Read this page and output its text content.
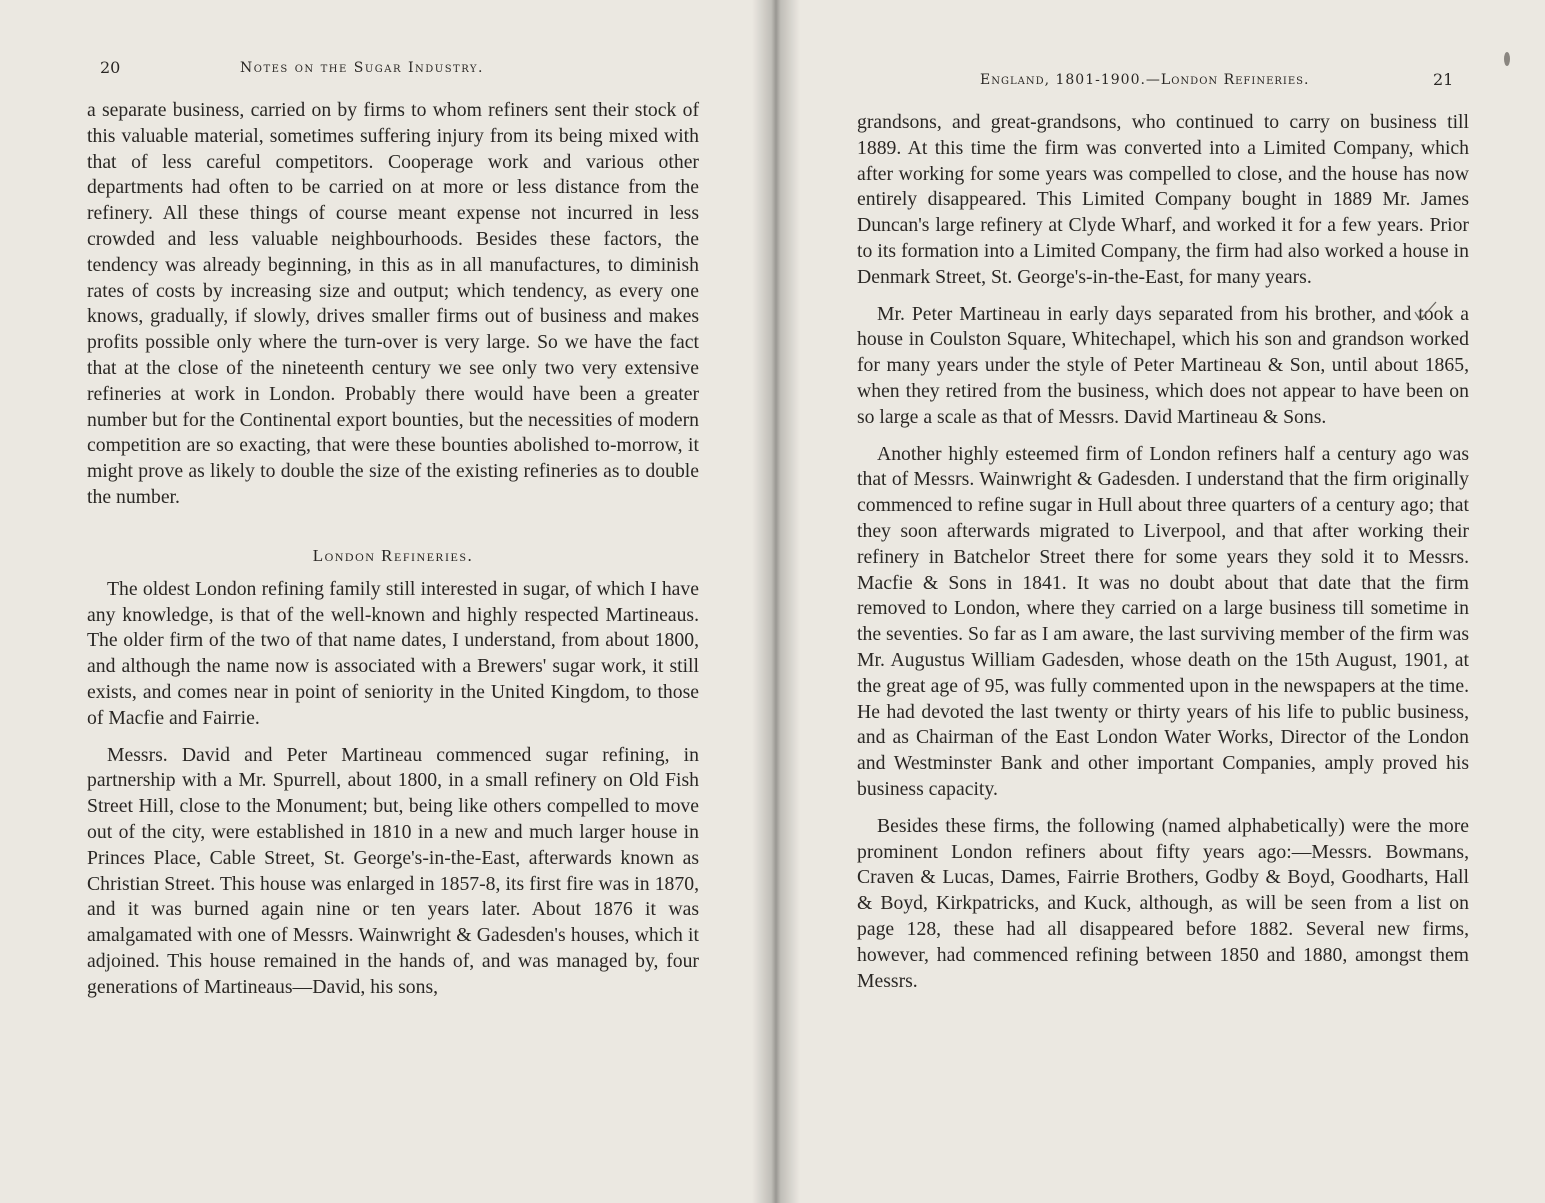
20	Notes on the Sugar Industry.

a separate business, carried on by firms to whom refiners sent their stock of this valuable material, sometimes suffering injury from its being mixed with that of less careful competitors. Cooperage work and various other departments had often to be carried on at more or less distance from the refinery. All these things of course meant expense not incurred in less crowded and less valuable neighbourhoods. Besides these factors, the tendency was already beginning, in this as in all manufactures, to diminish rates of costs by increasing size and output; which tendency, as every one knows, gradually, if slowly, drives smaller firms out of business and makes profits possible only where the turn-over is very large. So we have the fact that at the close of the nineteenth century we see only two very extensive refineries at work in London. Probably there would have been a greater number but for the Continental export bounties, but the necessities of modern competition are so exacting, that were these bounties abolished to-morrow, it might prove as likely to double the size of the existing refineries as to double the number.

London Refineries.

The oldest London refining family still interested in sugar, of which I have any knowledge, is that of the well-known and highly respected Martineaus. The older firm of the two of that name dates, I understand, from about 1800, and although the name now is associated with a Brewers' sugar work, it still exists, and comes near in point of seniority in the United Kingdom, to those of Macfie and Fairrie.

Messrs. David and Peter Martineau commenced sugar refining, in partnership with a Mr. Spurrell, about 1800, in a small refinery on Old Fish Street Hill, close to the Monument; but, being like others compelled to move out of the city, were established in 1810 in a new and much larger house in Princes Place, Cable Street, St. George's-in-the-East, afterwards known as Christian Street. This house was enlarged in 1857-8, its first fire was in 1870, and it was burned again nine or ten years later. About 1876 it was amalgamated with one of Messrs. Wainwright & Gadesden's houses, which it adjoined. This house remained in the hands of, and was managed by, four generations of Martineaus—David, his sons,

England, 1801-1900.—London Refineries.	21

grandsons, and great-grandsons, who continued to carry on business till 1889. At this time the firm was converted into a Limited Company, which after working for some years was compelled to close, and the house has now entirely disappeared. This Limited Company bought in 1889 Mr. James Duncan's large refinery at Clyde Wharf, and worked it for a few years. Prior to its formation into a Limited Company, the firm had also worked a house in Denmark Street, St. George's-in-the-East, for many years.

Mr. Peter Martineau in early days separated from his brother, and took a house in Coulston Square, Whitechapel, which his son and grandson worked for many years under the style of Peter Martineau & Son, until about 1865, when they retired from the business, which does not appear to have been on so large a scale as that of Messrs. David Martineau & Sons.

Another highly esteemed firm of London refiners half a century ago was that of Messrs. Wainwright & Gadesden. I understand that the firm originally commenced to refine sugar in Hull about three quarters of a century ago; that they soon afterwards migrated to Liverpool, and that after working their refinery in Batchelor Street there for some years they sold it to Messrs. Macfie & Sons in 1841. It was no doubt about that date that the firm removed to London, where they carried on a large business till sometime in the seventies. So far as I am aware, the last surviving member of the firm was Mr. Augustus William Gadesden, whose death on the 15th August, 1901, at the great age of 95, was fully commented upon in the newspapers at the time. He had devoted the last twenty or thirty years of his life to public business, and as Chairman of the East London Water Works, Director of the London and Westminster Bank and other important Companies, amply proved his business capacity.

Besides these firms, the following (named alphabetically) were the more prominent London refiners about fifty years ago:—Messrs. Bowmans, Craven & Lucas, Dames, Fairrie Brothers, Godby & Boyd, Goodharts, Hall & Boyd, Kirkpatricks, and Kuck, although, as will be seen from a list on page 128, these had all disappeared before 1882. Several new firms, however, had commenced refining between 1850 and 1880, amongst them Messrs.
